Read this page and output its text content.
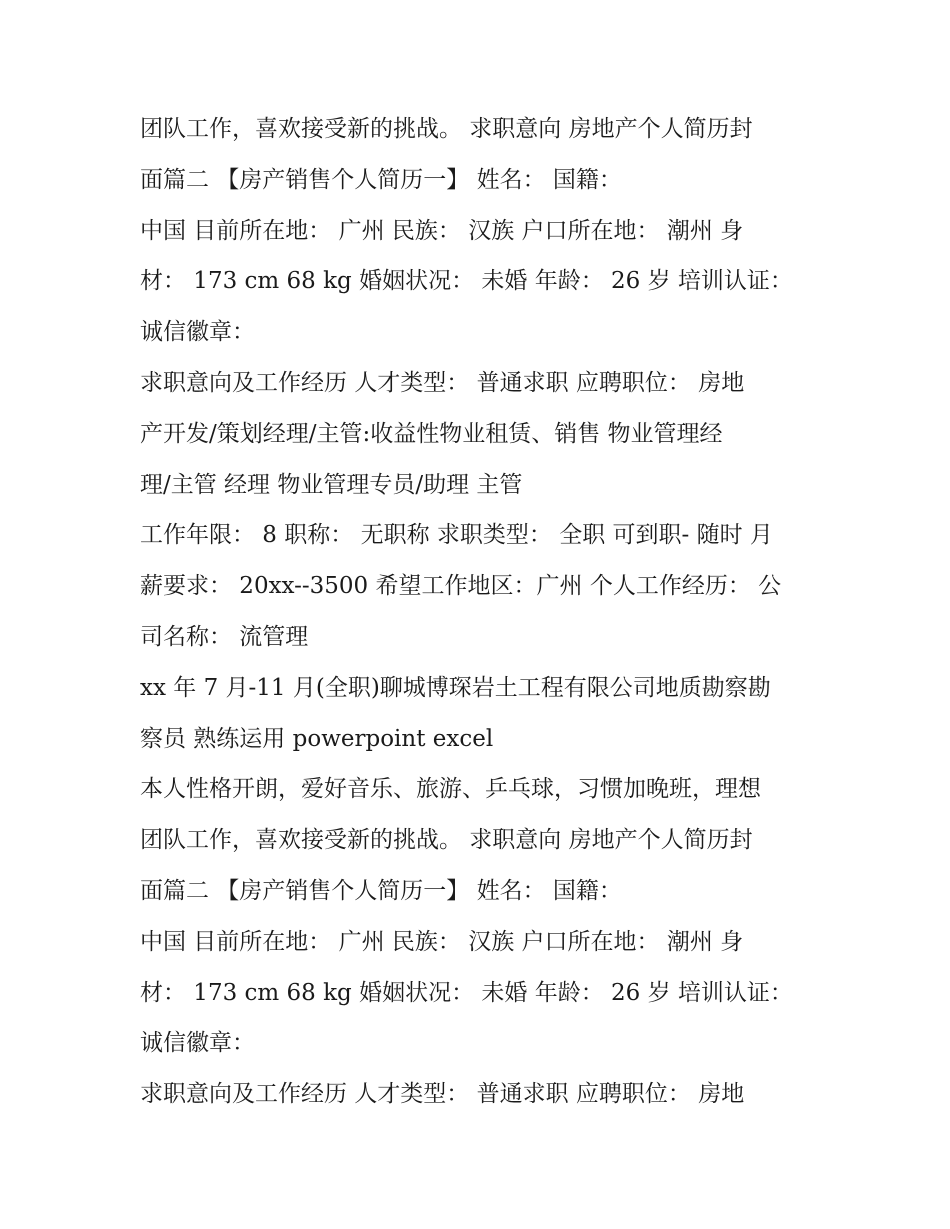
团队工作，喜欢接受新的挑战。 求职意向 房地产个人简历封
面篇二 【房产销售个人简历一】 姓名： 国籍：
中国 目前所在地： 广州 民族： 汉族 户口所在地： 潮州 身
材： 173 cm 68 kg 婚姻状况： 未婚 年龄： 26 岁 培训认证：
诚信徽章：
求职意向及工作经历 人才类型： 普通求职 应聘职位： 房地
产开发/策划经理/主管:收益性物业租赁、销售 物业管理经
理/主管 经理 物业管理专员/助理 主管
工作年限： 8 职称： 无职称 求职类型： 全职 可到职- 随时 月
薪要求： 20xx--3500 希望工作地区：广州 个人工作经历： 公
司名称： 流管理
xx 年 7 月-11 月(全职)聊城博琛岩土工程有限公司地质勘察勘
察员 熟练运用 powerpoint excel
本人性格开朗，爱好音乐、旅游、乒乓球，习惯加晚班，理想
团队工作，喜欢接受新的挑战。 求职意向 房地产个人简历封
面篇二 【房产销售个人简历一】 姓名： 国籍：
中国 目前所在地： 广州 民族： 汉族 户口所在地： 潮州 身
材： 173 cm 68 kg 婚姻状况： 未婚 年龄： 26 岁 培训认证：
诚信徽章：
求职意向及工作经历 人才类型： 普通求职 应聘职位： 房地
